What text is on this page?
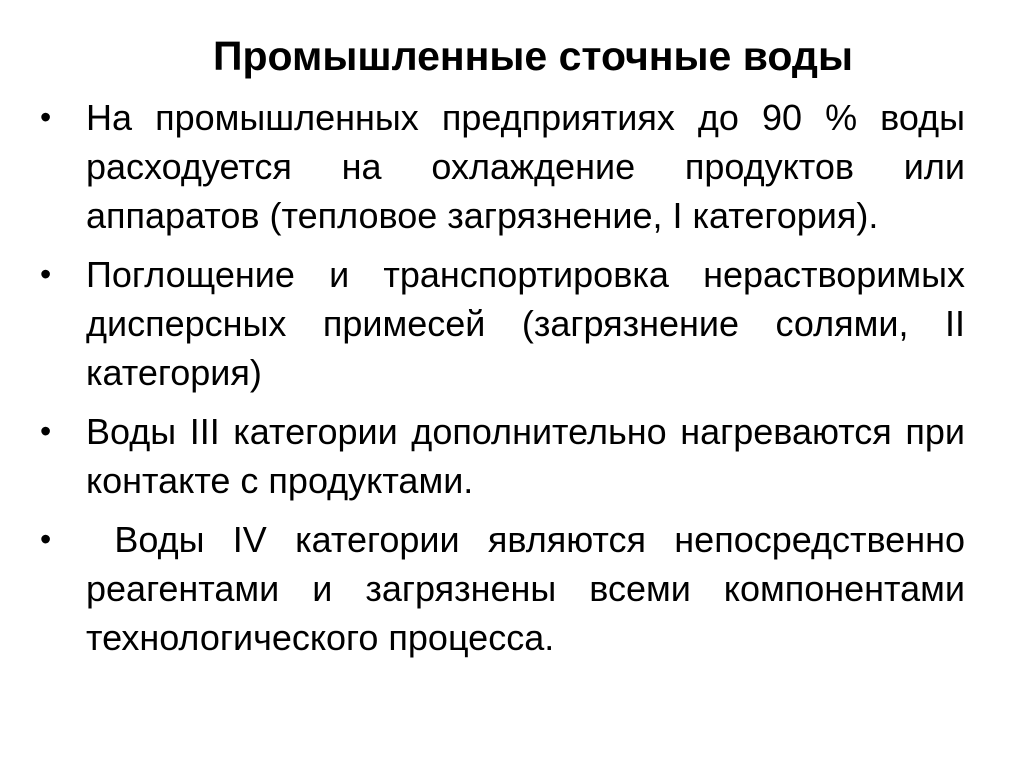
Промышленные сточные воды
• На промышленных предприятиях до 90 % воды расходуется на охлаждение продуктов или аппаратов (тепловое загрязнение, I категория).
• Поглощение и транспортировка нерастворимых дисперсных примесей (загрязнение солями, II категория)
• Воды III категории дополнительно нагреваются при контакте с продуктами.
• Воды IV категории являются непосредственно реагентами и загрязнены всеми компонентами технологического процесса.
